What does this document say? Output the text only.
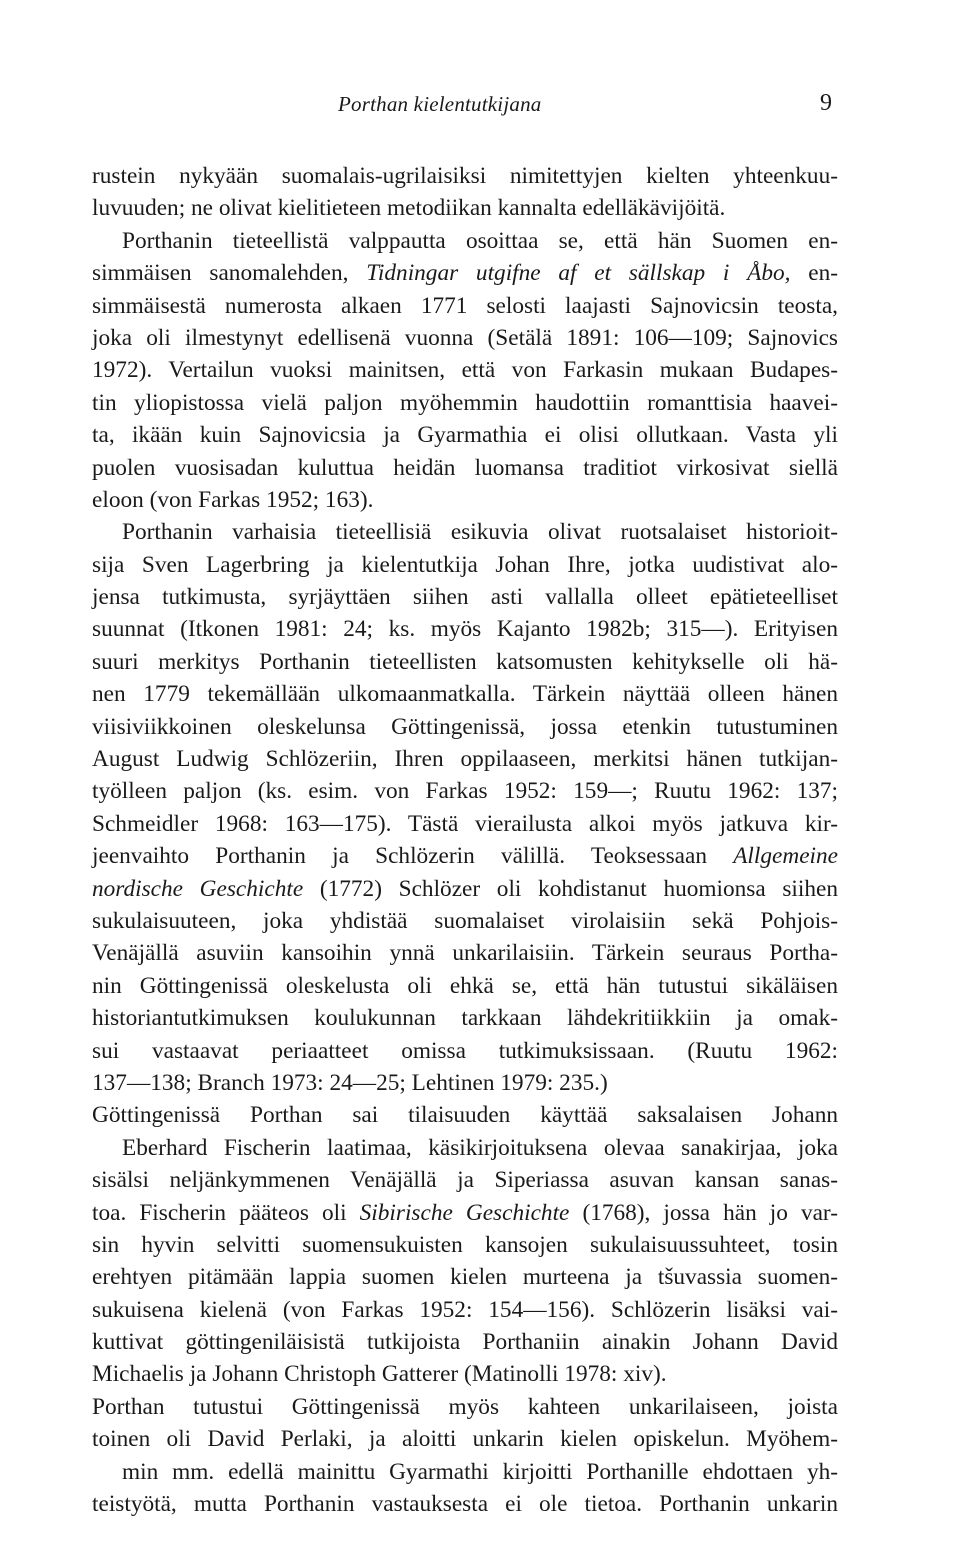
Porthan kielentutkijana	9
rustein nykyään suomalais-ugrilaisiksi nimitettyjen kielten yhteenkuu-
luvuuden; ne olivat kielitieteen metodiikan kannalta edelläkävijöitä.
Porthanin tieteellistä valppautta osoittaa se, että hän Suomen en-
simmäisen sanomalehden, Tidningar utgifne af et sällskap i Åbo, en-
simmäisestä numerosta alkaen 1771 selosti laajasti Sajnovicsin teosta,
joka oli ilmestynyt edellisenä vuonna (Setälä 1891: 106—109; Sajnovics
1972). Vertailun vuoksi mainitsen, että von Farkasin mukaan Budapes-
tin yliopistossa vielä paljon myöhemmin haudottiin romanttisia haavei-
ta, ikään kuin Sajnovicsia ja Gyarmathia ei olisi ollutkaan. Vasta yli
puolen vuosisadan kuluttua heidän luomansa traditiot virkosivat siellä
eloon (von Farkas 1952; 163).
Porthanin varhaisia tieteellisiä esikuvia olivat ruotsalaiset historioit-
sija Sven Lagerbring ja kielentutkija Johan Ihre, jotka uudistivat alo-
jensa tutkimusta, syrjäyttäen siihen asti vallalla olleet epätieteelliset
suunnat (Itkonen 1981: 24; ks. myös Kajanto 1982b; 315—). Erityisen
suuri merkitys Porthanin tieteellisten katsomusten kehitykselle oli hä-
nen 1779 tekemällään ulkomaanmatkalla. Tärkein näyttää olleen hänen
viisiviikkoinen oleskelunsa Göttingenissä, jossa etenkin tutustuminen
August Ludwig Schlözeriin, Ihren oppilaaseen, merkitsi hänen tutkijan-
työlleen paljon (ks. esim. von Farkas 1952: 159—; Ruutu 1962: 137;
Schmeidler 1968: 163—175). Tästä vierailusta alkoi myös jatkuva kir-
jeenvaihto Porthanin ja Schlözerin välillä. Teoksessaan Allgemeine
nordische Geschichte (1772) Schlözer oli kohdistanut huomionsa siihen
sukulaisuuteen, joka yhdistää suomalaiset virolaisiin sekä Pohjois-
Venäjällä asuviin kansoihin ynnä unkarilaisiin. Tärkein seuraus Portha-
nin Göttingenissä oleskelusta oli ehkä se, että hän tutustui sikäläisen
historiantutkimuksen koulukunnan tarkkaan lähdekritiikkiin ja omak-
sui vastaavat periaatteet omissa tutkimuksissaan. (Ruutu 1962:
137—138; Branch 1973: 24—25; Lehtinen 1979: 235.)
Göttingenissä Porthan sai tilaisuuden käyttää saksalaisen Johann
Eberhard Fischerin laatimaa, käsikirjoituksena olevaa sanakirjaa, joka
sisälsi neljänkymmenen Venäjällä ja Siperiassa asuvan kansan sanas-
toa. Fischerin pääteos oli Sibirische Geschichte (1768), jossa hän jo var-
sin hyvin selvitti suomensukuisten kansojen sukulaisuussuhteet, tosin
erehtyen pitämään lappia suomen kielen murteena ja tšuvassia suomen-
sukuisena kielenä (von Farkas 1952: 154—156). Schlözerin lisäksi vai-
kuttivat göttingeniläisistä tutkijoista Porthaniin ainakin Johann David
Michaelis ja Johann Christoph Gatterer (Matinolli 1978: xiv).
Porthan tutustui Göttingenissä myös kahteen unkarilaiseen, joista
toinen oli David Perlaki, ja aloitti unkarin kielen opiskelun. Myöhem-
min mm. edellä mainittu Gyarmathi kirjoitti Porthanille ehdottaen yh-
teistyötä, mutta Porthanin vastauksesta ei ole tietoa. Porthanin unkarin
